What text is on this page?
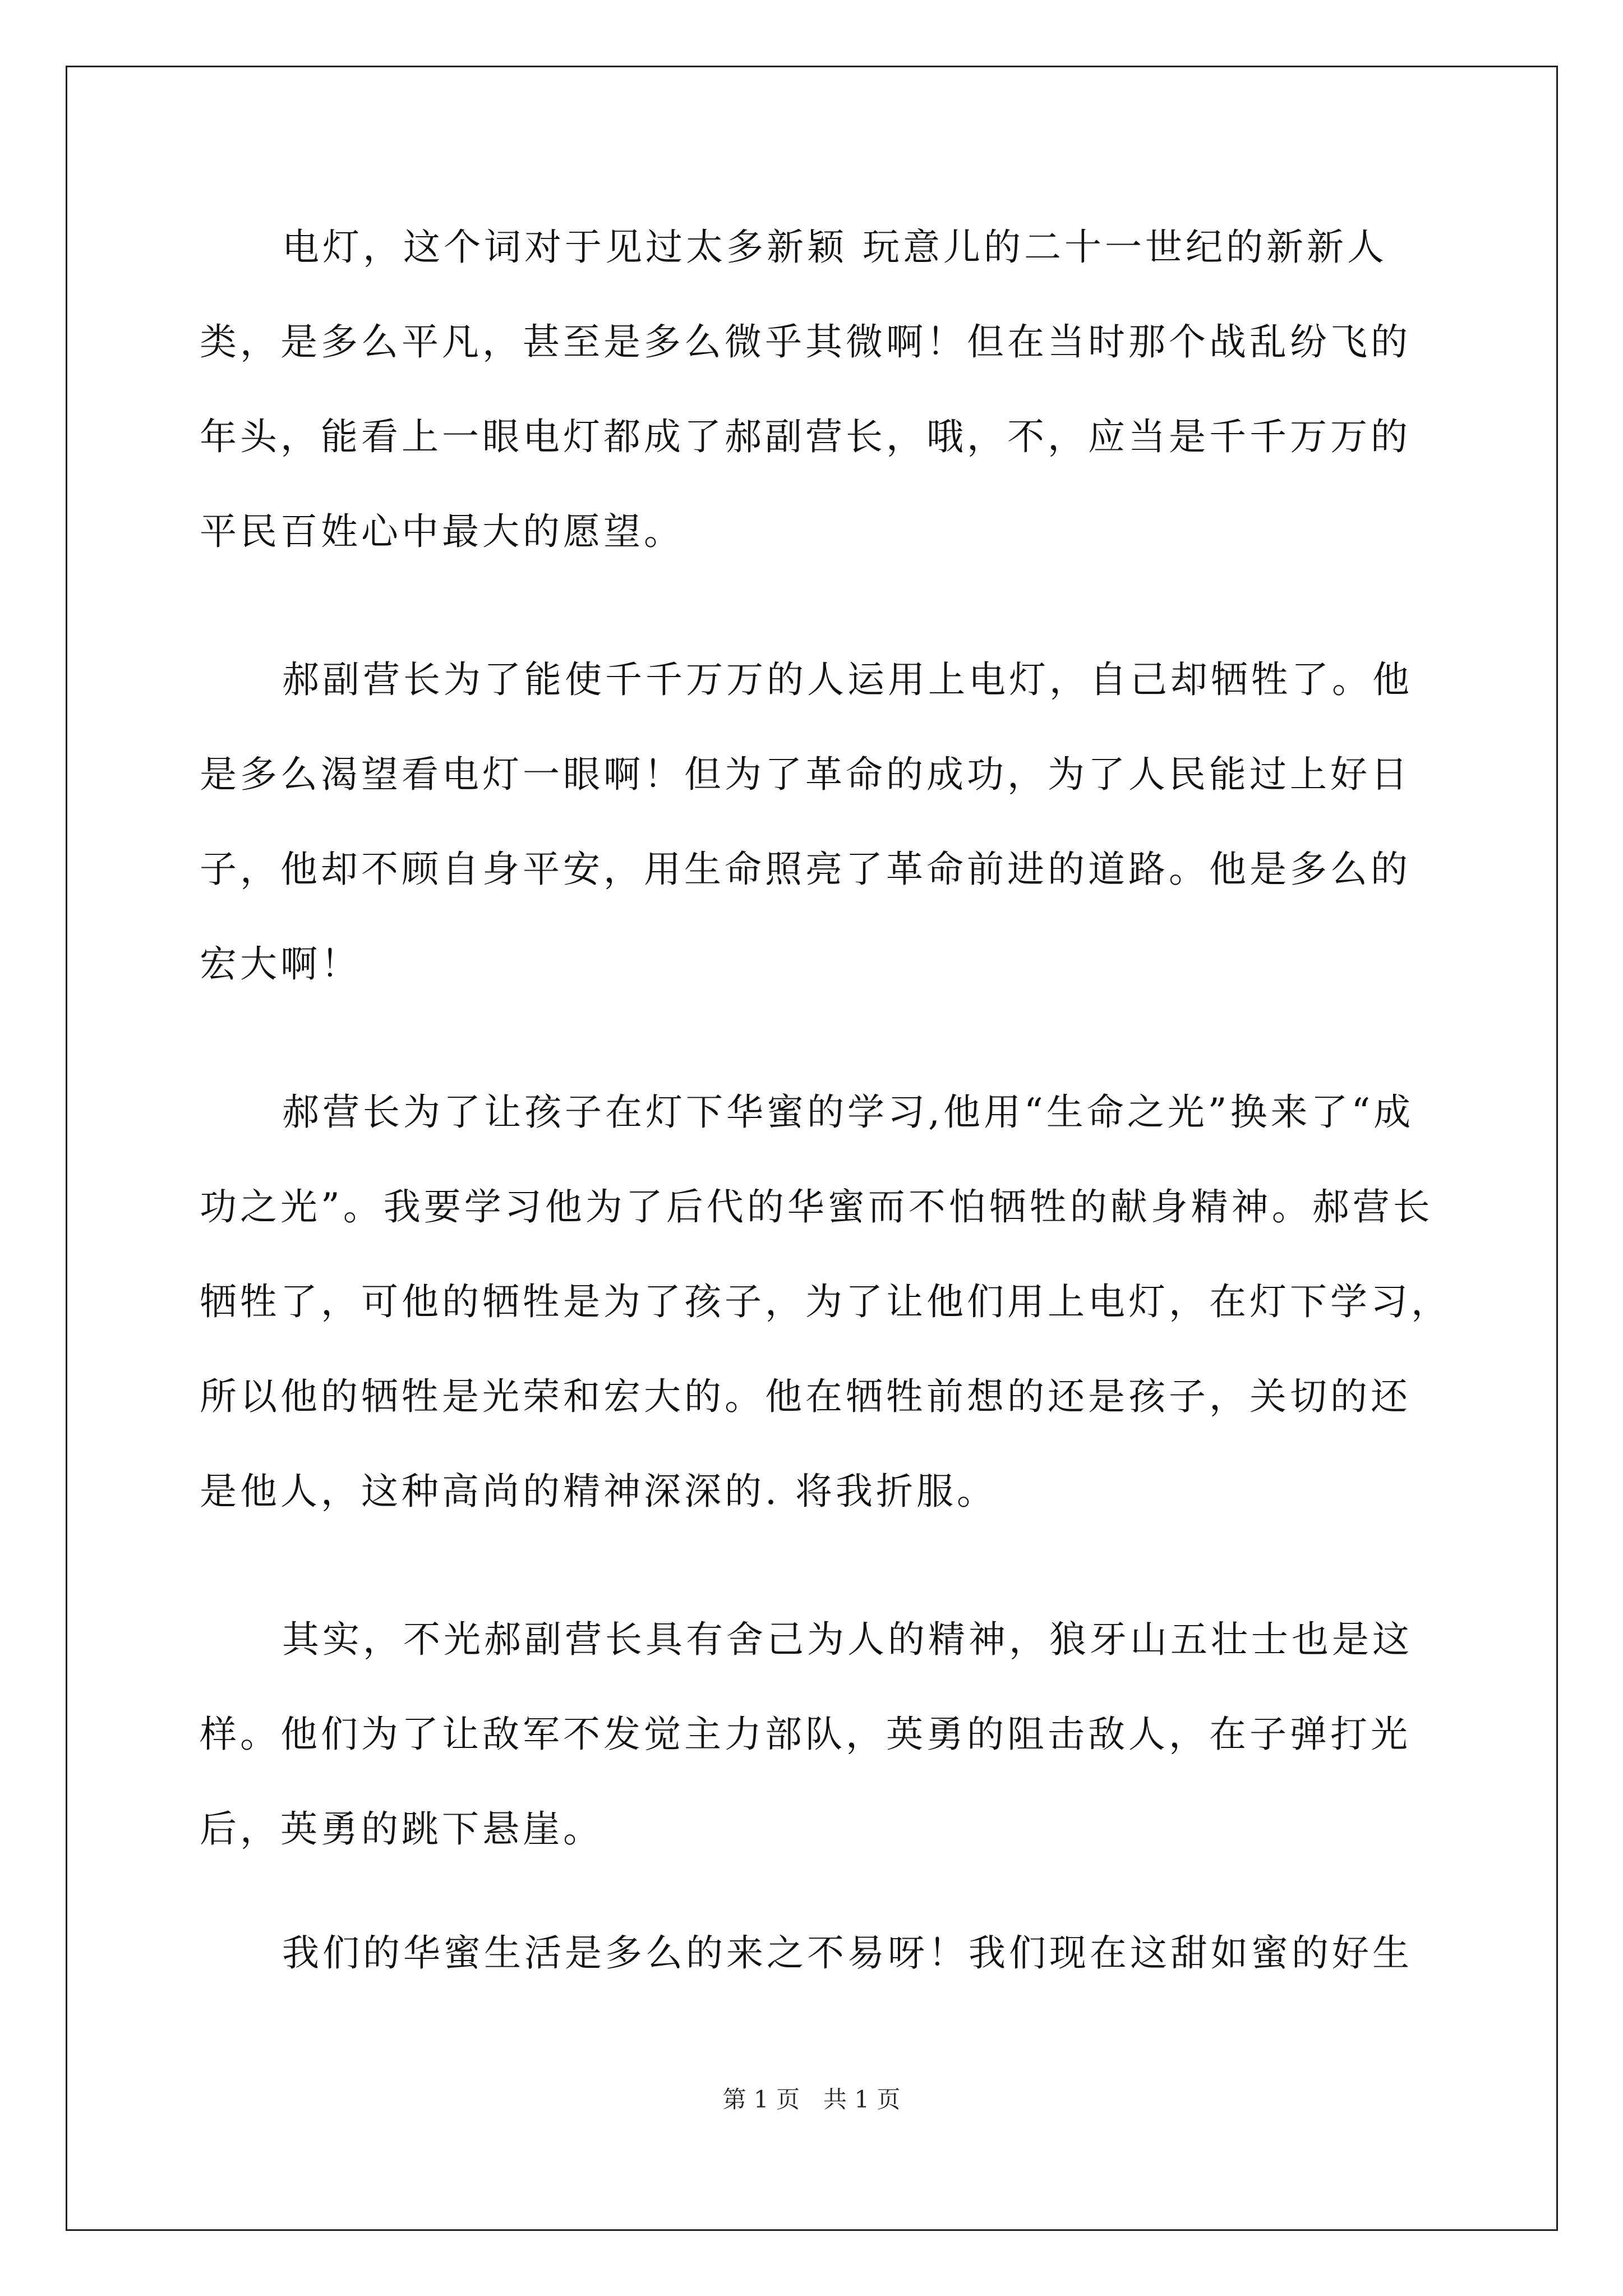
电灯，这个词对于见过太多新颖 玩意儿的二十一世纪的新新人
类，是多么平凡，甚至是多么微乎其微啊！但在当时那个战乱纷飞的
年头，能看上一眼电灯都成了郝副营长，哦，不，应当是千千万万的
平民百姓心中最大的愿望。
郝副营长为了能使千千万万的人运用上电灯，自己却牺牲了。他
是多么渴望看电灯一眼啊！但为了革命的成功，为了人民能过上好日
子，他却不顾自身平安，用生命照亮了革命前进的道路。他是多么的
宏大啊！
郝营长为了让孩子在灯下华蜜的学习,他用“生命之光”换来了“成
功之光”。我要学习他为了后代的华蜜而不怕牺牲的献身精神。郝营长
牺牲了，可他的牺牲是为了孩子，为了让他们用上电灯，在灯下学习，
所以他的牺牲是光荣和宏大的。他在牺牲前想的还是孩子，关切的还
是他人，这种高尚的精神深深的. 将我折服。
其实，不光郝副营长具有舍己为人的精神，狼牙山五壮士也是这
样。他们为了让敌军不发觉主力部队，英勇的阻击敌人，在子弹打光
后，英勇的跳下悬崖。
我们的华蜜生活是多么的来之不易呀！我们现在这甜如蜜的好生
第 1 页　共 1 页
